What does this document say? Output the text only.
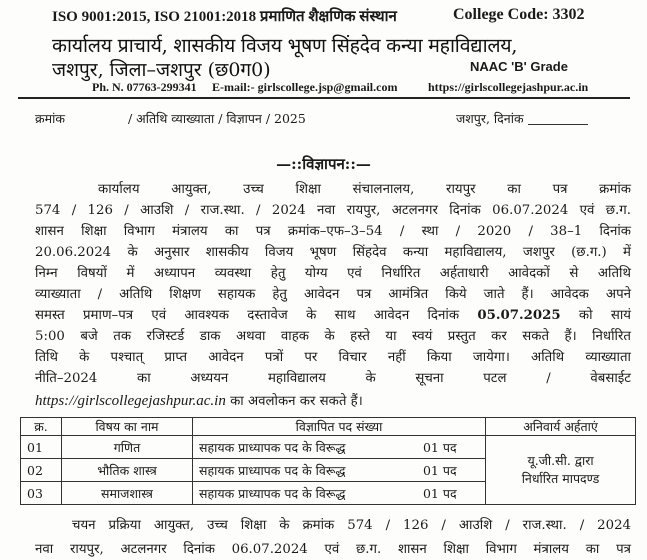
ISO 9001:2015, ISO 21001:2018 प्रमाणित शैक्षणिक संस्थान	College Code: 3302
कार्यालय प्राचार्य, शासकीय विजय भूषण सिंहदेव कन्या महाविद्यालय,
जशपुर, जिला–जशपुर (छ0ग0)	NAAC 'B' Grade
Ph. N. 07763-299341 E-mail:- girlscollege.jsp@gmail.com	https://girlscollegejashpur.ac.in
क्रमांक	/ अतिथि व्याख्याता / विज्ञापन / 2025	जशपुर, दिनांक
—::विज्ञापन::—
कार्यालय आयुक्त, उच्च शिक्षा संचालनालय, रायपुर का पत्र क्रमांक
574 / 126 / आउशि / राज.स्था. / 2024 नवा रायपुर, अटलनगर दिनांक 06.07.2024 एवं छ.ग.
शासन शिक्षा विभाग मंत्रालय का पत्र क्रमांक–एफ–3–54 / स्था / 2020 / 38–1 दिनांक
20.06.2024 के अनुसार शासकीय विजय भूषण सिंहदेव कन्या महाविद्यालय, जशपुर (छ.ग.) में
निम्न विषयों में अध्यापन व्यवस्था हेतु योग्य एवं निर्धारित अर्हताधारी आवेदकों से अतिथि
व्याख्याता / अतिथि शिक्षण सहायक हेतु आवेदन पत्र आमंत्रित किये जाते हैं। आवेदक अपने
समस्त प्रमाण–पत्र एवं आवश्यक दस्तावेज के साथ आवेदन दिनांक 05.07.2025 को सायं
5:00 बजे तक रजिस्टर्ड डाक अथवा वाहक के हस्ते या स्वयं प्रस्तुत कर सकते हैं। निर्धारित
तिथि के पश्चात् प्राप्त आवेदन पत्रों पर विचार नहीं किया जायेगा। अतिथि व्याख्याता
नीति–2024 का अध्ययन महाविद्यालय के सूचना पटल / वेबसाईट
https://girlscollegejashpur.ac.in का अवलोकन कर सकते हैं।
क्र.	विषय का नाम	विज्ञापित पद संख्या	अनिवार्य अर्हताएं
01	गणित	सहायक प्राध्यापक पद के विरूद्ध 01 पद	यू.जी.सी. द्वारा
निर्धारित मापदण्ड

02	भौतिक शास्त्र	सहायक प्राध्यापक पद के विरूद्ध 01 पद	
03	समाजशास्त्र	सहायक प्राध्यापक पद के विरूद्ध 01 पद	
चयन प्रक्रिया आयुक्त, उच्च शिक्षा के क्रमांक 574 / 126 / आउशि / राज.स्था. / 2024
नवा रायपुर, अटलनगर दिनांक 06.07.2024 एवं छ.ग. शासन शिक्षा विभाग मंत्रालय का पत्र
